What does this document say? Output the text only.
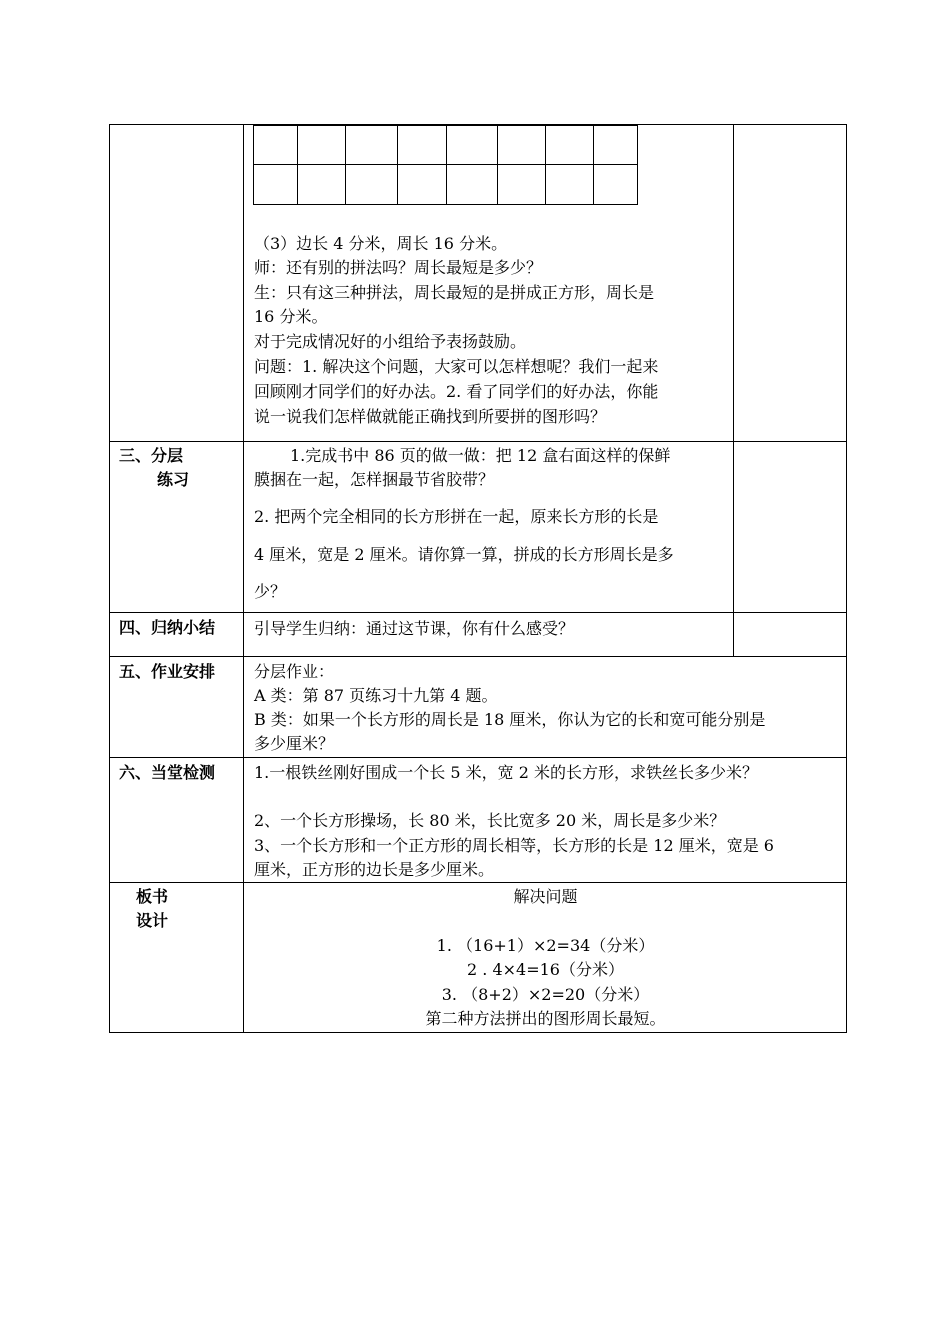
（3）边长 4 分米，周长 16 分米。
师：还有别的拼法吗？周长最短是多少？
生：只有这三种拼法，周长最短的是拼成正方形，周长是
16 分米。
对于完成情况好的小组给予表扬鼓励。
问题：1. 解决这个问题，大家可以怎样想呢？我们一起来
回顾刚才同学们的好办法。2. 看了同学们的好办法，你能
说一说我们怎样做就能正确找到所要拼的图形吗？
三、分层
练习
1.完成书中 86 页的做一做：把 12 盒右面这样的保鲜
膜捆在一起，怎样捆最节省胶带？
2. 把两个完全相同的长方形拼在一起，原来长方形的长是
4 厘米，宽是 2 厘米。请你算一算，拼成的长方形周长是多
少？
四、归纳小结 引导学生归纳：通过这节课，你有什么感受？
五、作业安排 分层作业：
A 类：第 87 页练习十九第 4 题。
B 类：如果一个长方形的周长是 18 厘米，你认为它的长和宽可能分别是
多少厘米？
六、当堂检测 1.一根铁丝刚好围成一个长 5 米，宽 2 米的长方形，求铁丝长多少米？
2、一个长方形操场，长 80 米，长比宽多 20 米，周长是多少米？
3、一个长方形和一个正方形的周长相等，长方形的长是 12 厘米，宽是 6
厘米，正方形的边长是多少厘米。
板书
设计
解决问题
1. （16+1）×2=34（分米）
2 . 4×4=16（分米）
3. （8+2）×2=20（分米）
第二种方法拼出的图形周长最短。
